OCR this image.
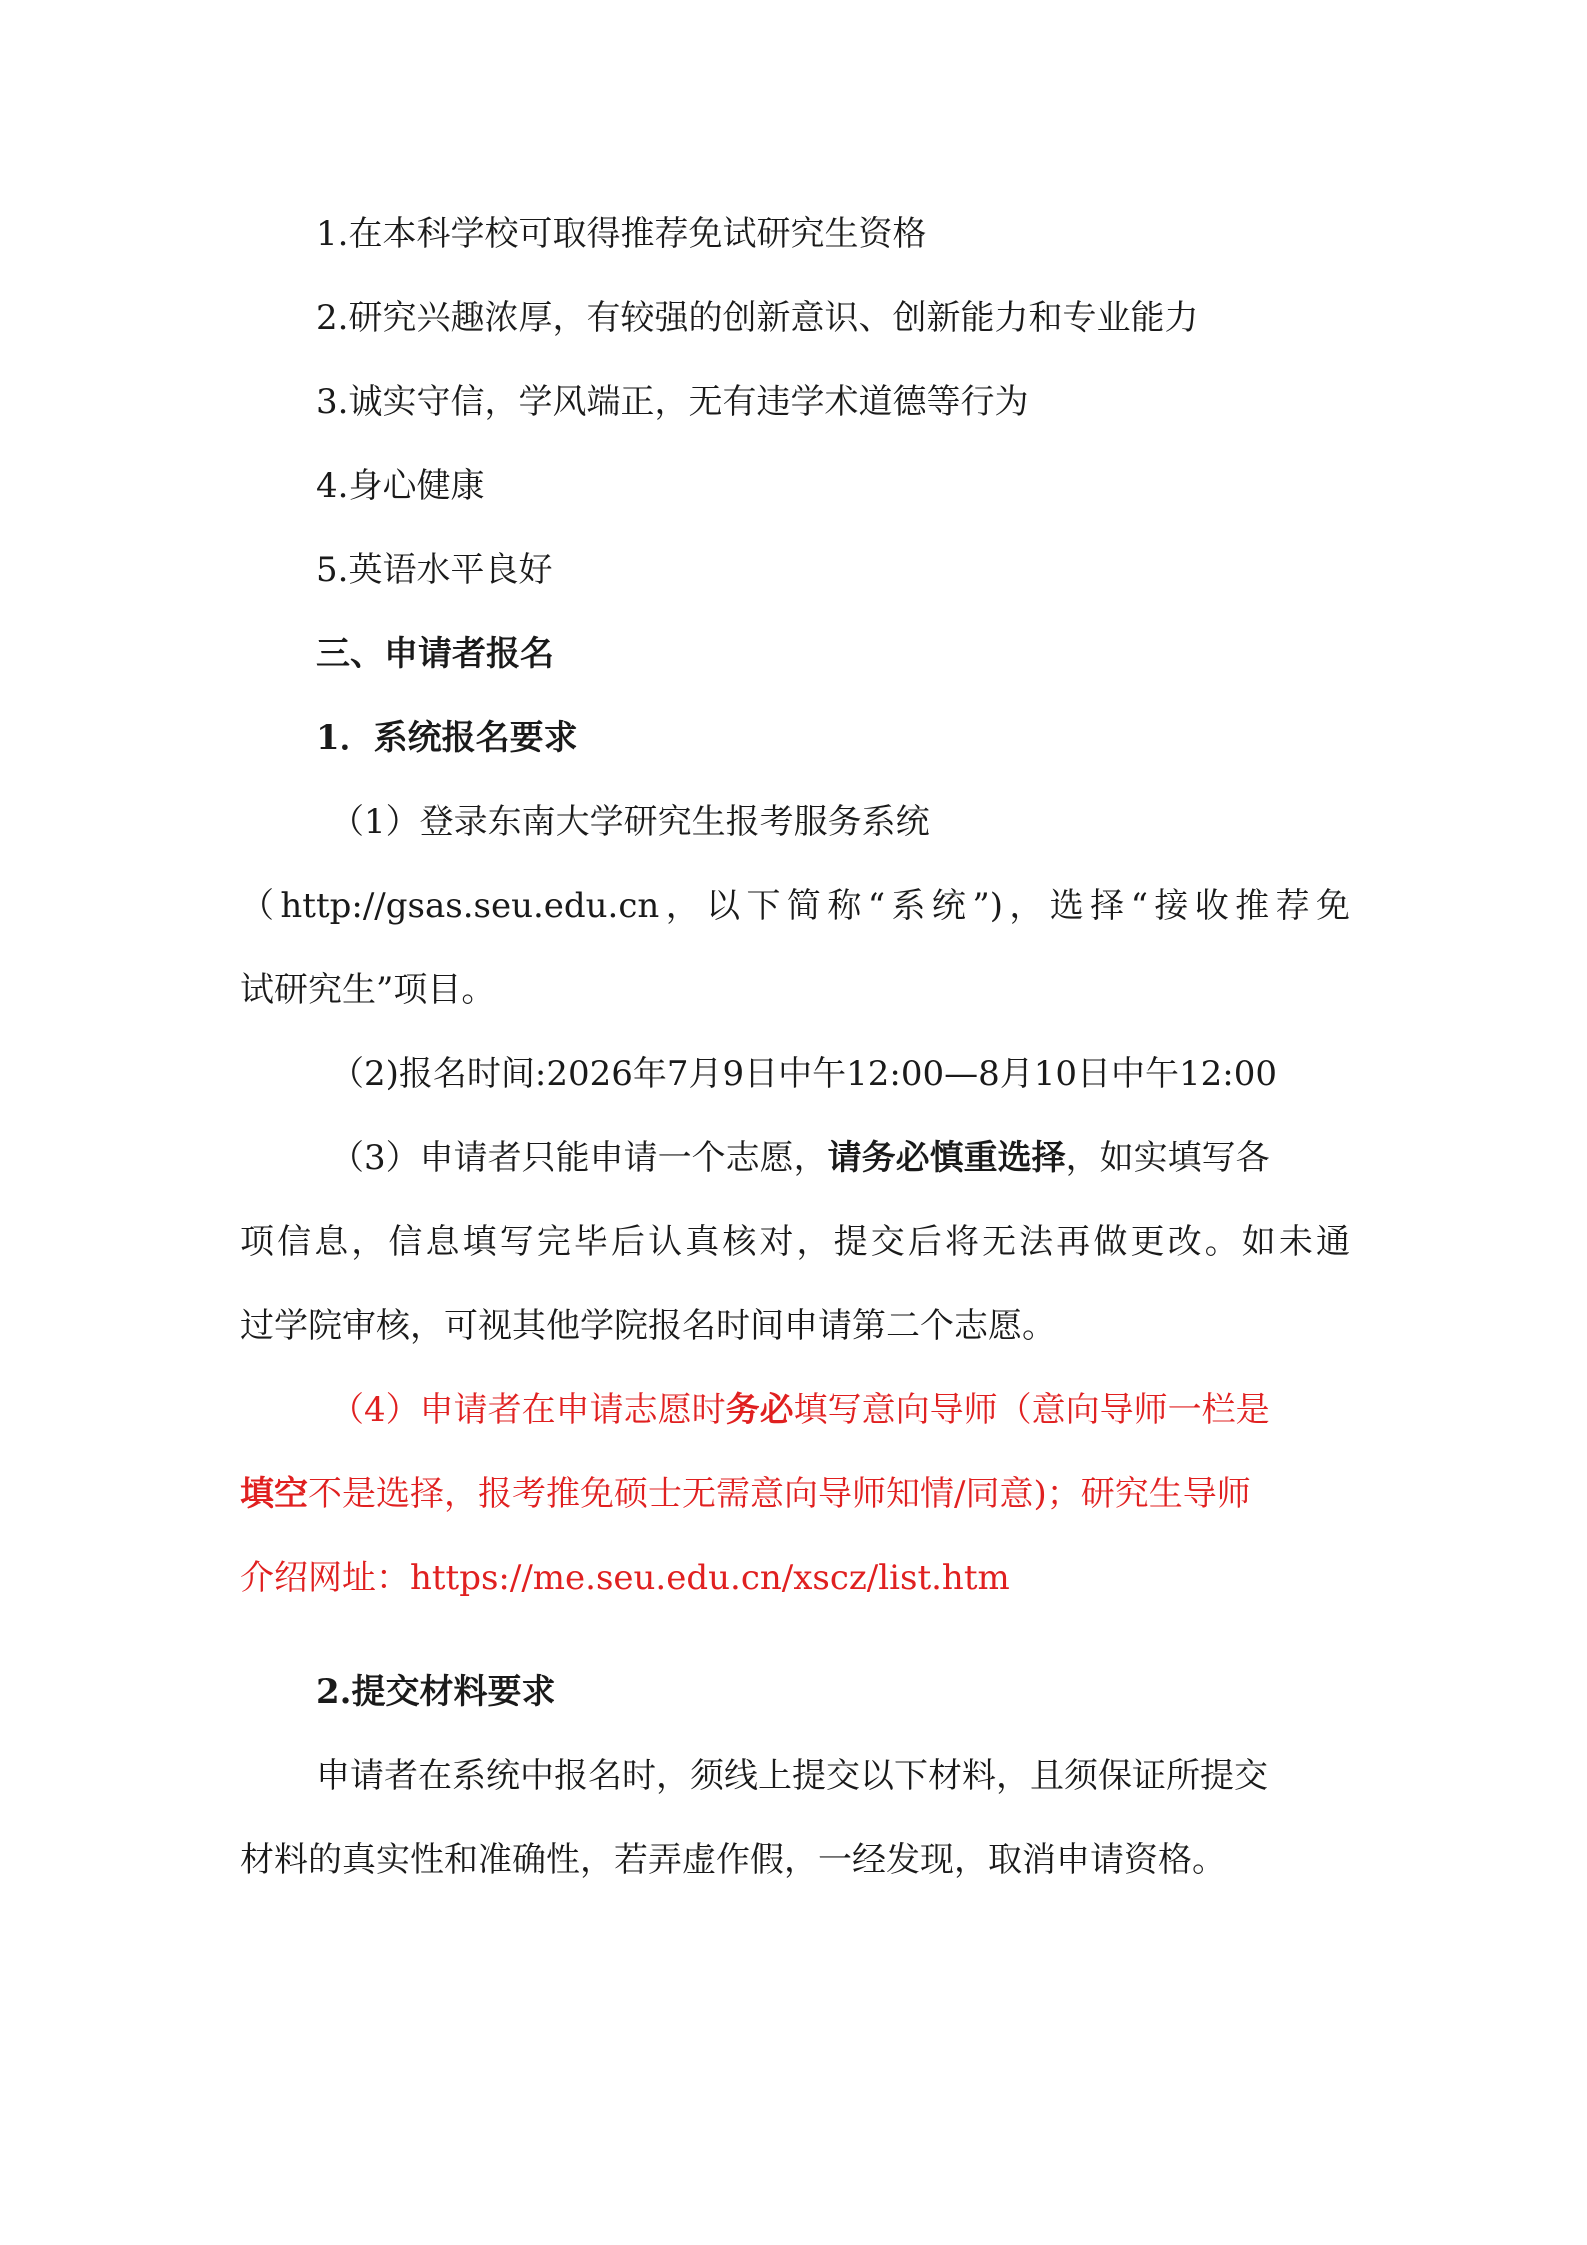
1.在本科学校可取得推荐免试研究生资格
2.研究兴趣浓厚，有较强的创新意识、创新能力和专业能力
3.诚实守信，学风端正，无有违学术道德等行为
4.身心健康
5.英语水平良好
三、申请者报名
1．系统报名要求
（1）登录东南大学研究生报考服务系统
（http://gsas.seu.edu.cn，以下简称“系统”)，选择“接收推荐免
试研究生”项目。
（2)报名时间:2026年7月9日中午12:00—8月10日中午12:00
（3）申请者只能申请一个志愿，请务必慎重选择，如实填写各
项信息，信息填写完毕后认真核对，提交后将无法再做更改。如未通
过学院审核，可视其他学院报名时间申请第二个志愿。
（4）申请者在申请志愿时务必填写意向导师（意向导师一栏是
填空不是选择，报考推免硕士无需意向导师知情/同意)；研究生导师
介绍网址：https://me.seu.edu.cn/xscz/list.htm
2.提交材料要求
申请者在系统中报名时，须线上提交以下材料，且须保证所提交
材料的真实性和准确性，若弄虚作假，一经发现，取消申请资格。
